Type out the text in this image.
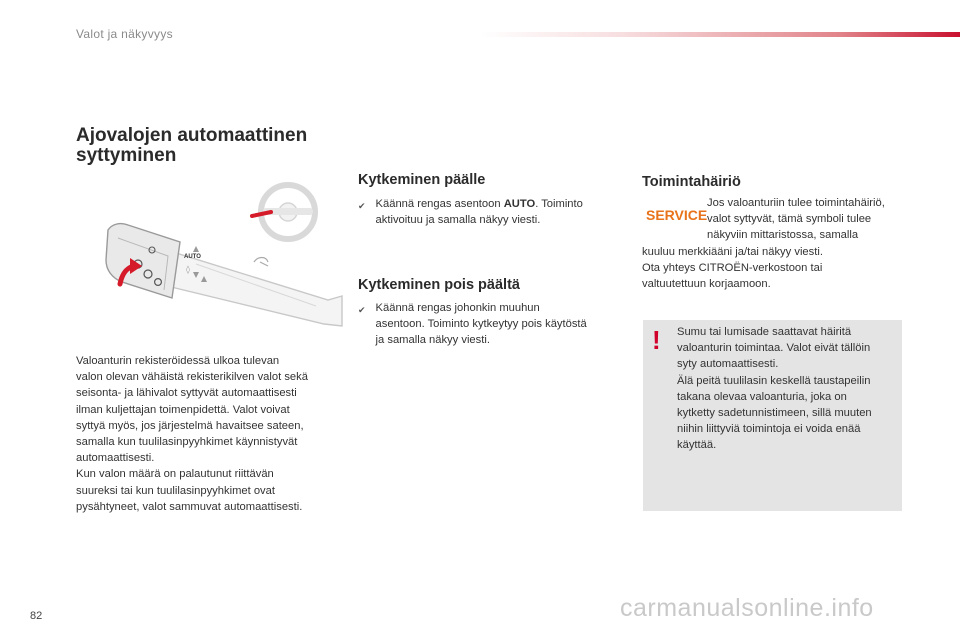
Valot ja näkyvyys
Ajovalojen automaattinen
syttyminen
AUTO
◊
Valoanturin rekisteröidessä ulkoa tulevan
valon olevan vähäistä rekisterikilven valot sekä
seisonta- ja lähivalot syttyvät automaattisesti
ilman kuljettajan toimenpidettä. Valot voivat
syttyä myös, jos järjestelmä havaitsee sateen,
samalla kun tuulilasinpyyhkimet käynnistyvät
automaattisesti.
Kun valon määrä on palautunut riittävän
suureksi tai kun tuulilasinpyyhkimet ovat
pysähtyneet, valot sammuvat automaattisesti.
Kytkeminen päälle
✔ Käännä rengas asentoon AUTO. Toiminto
aktivoituu ja samalla näkyy viesti.
Kytkeminen pois päältä
✔ Käännä rengas johonkin muuhun
asentoon. Toiminto kytkeytyy pois käytöstä
ja samalla näkyy viesti.
Toimintahäiriö
SERVICE
Jos valoanturiin tulee toimintahäiriö,
valot syttyvät, tämä symboli tulee
näkyviin mittaristossa, samalla
kuuluu merkkiääni ja/tai näkyy viesti.
Ota yhteys CITROËN-verkostoon tai
valtuutettuun korjaamoon.
!	Sumu tai lumisade saattavat häiritä
valoanturin toimintaa. Valot eivät tällöin
syty automaattisesti.
Älä peitä tuulilasin keskellä taustapeilin
takana olevaa valoanturia, joka on
kytketty sadetunnistimeen, sillä muuten
niihin liittyviä toimintoja ei voida enää
käyttää.
82	carmanualsonline.info
